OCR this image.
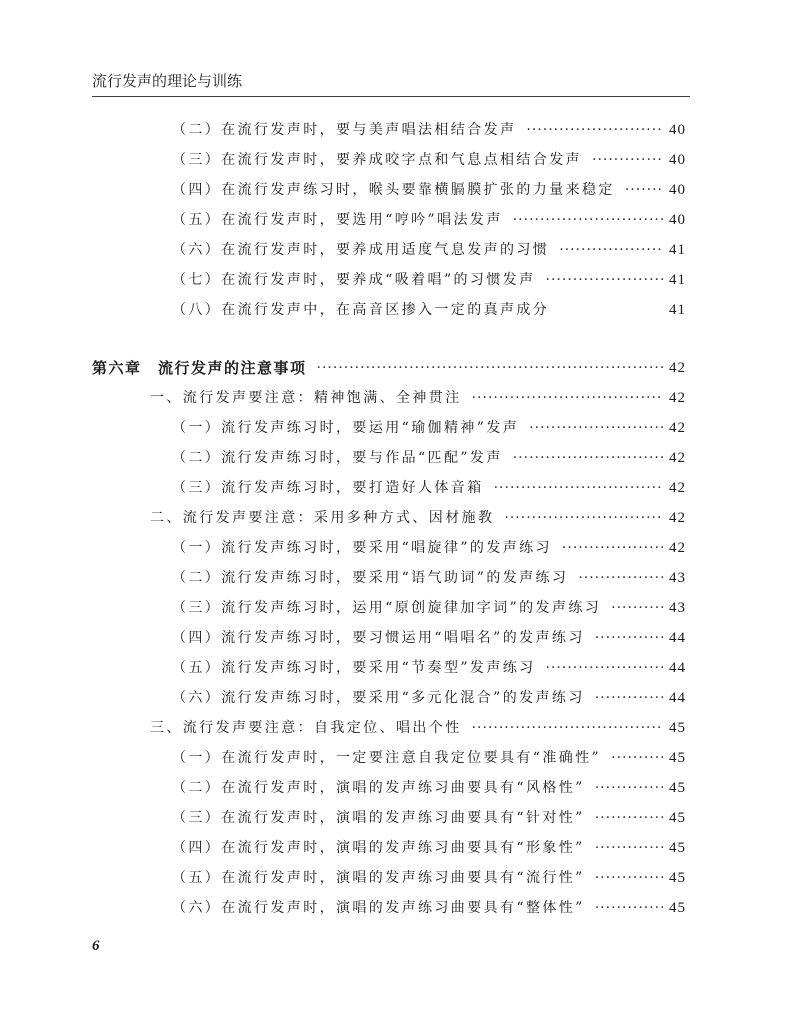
流行发声的理论与训练
（二）在流行发声时，要与美声唱法相结合发声 ·····	40
（三）在流行发声时，要养成咬字点和气息点相结合发声 ·····	40
（四）在流行发声练习时，喉头要靠横膈膜扩张的力量来稳定 ·····	40
（五）在流行发声时，要选用“哼吟”唱法发声 ·····	40
（六）在流行发声时，要养成用适度气息发声的习惯 ·····	41
（七）在流行发声时，要养成“吸着唱”的习惯发声 ·····	41
（八）在流行发声中，在高音区掺入一定的真声成分	41
第六章　流行发声的注意事项 ·····	42
一、流行发声要注意：精神饱满、全神贯注 ·····	42
（一）流行发声练习时，要运用“瑜伽精神”发声 ·····	42
（二）流行发声练习时，要与作品“匹配”发声 ·····	42
（三）流行发声练习时，要打造好人体音箱 ·····	42
二、流行发声要注意：采用多种方式、因材施教 ·····	42
（一）流行发声练习时，要采用“唱旋律”的发声练习 ·····	42
（二）流行发声练习时，要采用“语气助词”的发声练习 ·····	43
（三）流行发声练习时，运用“原创旋律加字词”的发声练习 ·····	43
（四）流行发声练习时，要习惯运用“唱唱名”的发声练习 ·····	44
（五）流行发声练习时，要采用“节奏型”发声练习 ·····	44
（六）流行发声练习时，要采用“多元化混合”的发声练习 ·····	44
三、流行发声要注意：自我定位、唱出个性 ·····	45
（一）在流行发声时，一定要注意自我定位要具有“准确性” ·····	45
（二）在流行发声时，演唱的发声练习曲要具有“风格性” ·····	45
（三）在流行发声时，演唱的发声练习曲要具有“针对性” ·····	45
（四）在流行发声时，演唱的发声练习曲要具有“形象性” ·····	45
（五）在流行发声时，演唱的发声练习曲要具有“流行性” ·····	45
（六）在流行发声时，演唱的发声练习曲要具有“整体性” ·····	45
6
